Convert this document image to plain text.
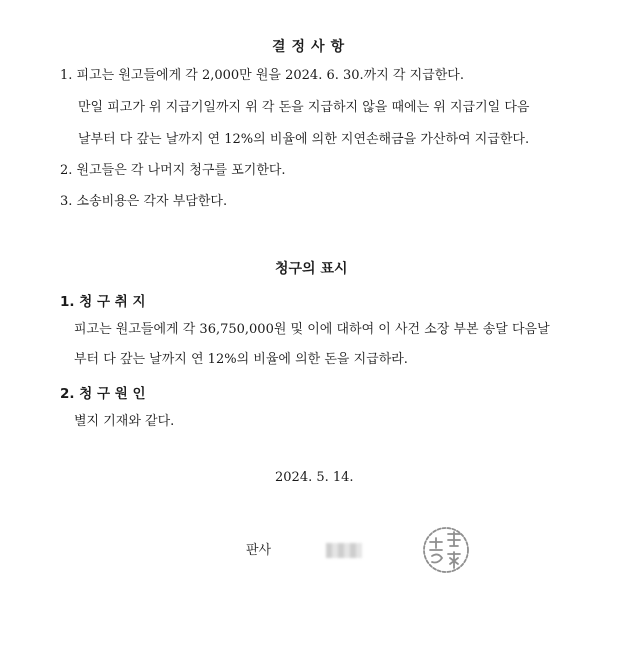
결정사항
1. 피고는 원고들에게 각 2,000만 원을 2024. 6. 30.까지 각 지급한다.
만일 피고가 위 지급기일까지 위 각 돈을 지급하지 않을 때에는 위 지급기일 다음
날부터 다 갚는 날까지 연 12%의 비율에 의한 지연손해금을 가산하여 지급한다.
2. 원고들은 각 나머지 청구를 포기한다.
3. 소송비용은 각자 부담한다.
청구의 표시
1. 청 구 취 지
피고는 원고들에게 각 36,750,000원 및 이에 대하여 이 사건 소장 부본 송달 다음날
부터 다 갚는 날까지 연 12%의 비율에 의한 돈을 지급하라.
2. 청 구 원 인
별지 기재와 같다.
2024. 5. 14.
판사
